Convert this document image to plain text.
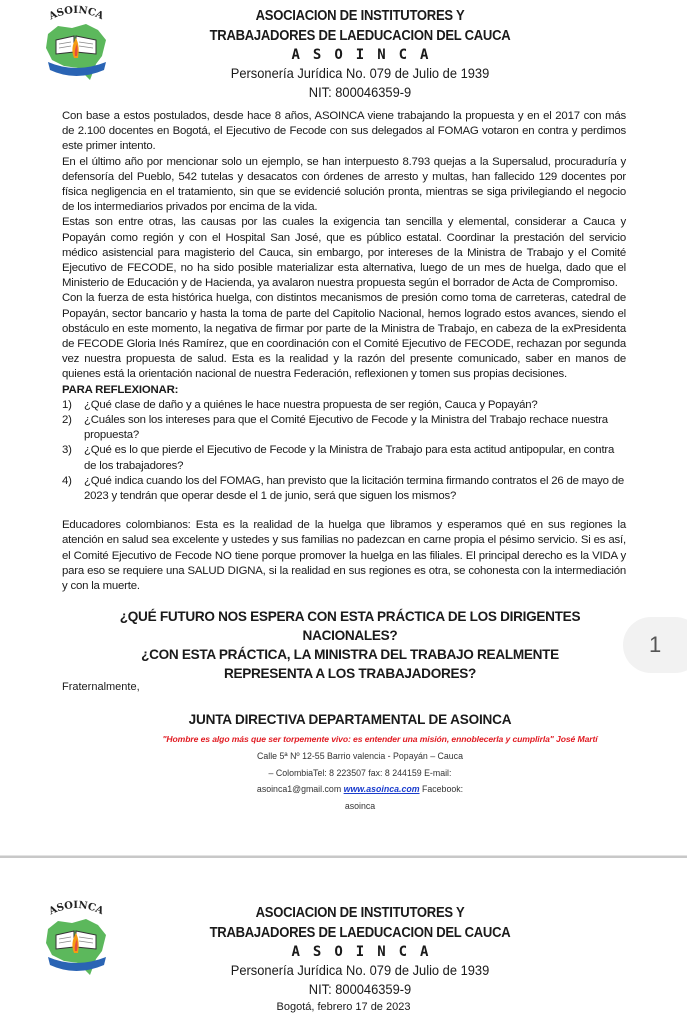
ASOINCA	ASOCIACION DE INSTITUTORES Y
TRABAJADORES DE LAEDUCACION DEL CAUCA
ASOINCA
Personería Jurídica No. 079 de Julio de 1939
NIT: 800046359-9

Con base a estos postulados, desde hace 8 años, ASOINCA viene trabajando la propuesta y en el 2017 con más de 2.100 docentes en Bogotá, el Ejecutivo de Fecode con sus delegados al FOMAG votaron en contra y perdimos este primer intento.

En el último año por mencionar solo un ejemplo, se han interpuesto 8.793 quejas a la Supersalud, procuraduría y defensoría del Pueblo, 542 tutelas y desacatos con órdenes de arresto y multas, han fallecido 129 docentes por física negligencia en el tratamiento, sin que se evidencié solución pronta, mientras se siga privilegiando el negocio de los intermediarios privados por encima de la vida.

Estas son entre otras, las causas por las cuales la exigencia tan sencilla y elemental, considerar a Cauca y Popayán como región y con el Hospital San José, que es público estatal. Coordinar la prestación del servicio médico asistencial para magisterio del Cauca, sin embargo, por intereses de la Ministra de Trabajo y el Comité Ejecutivo de FECODE, no ha sido posible materializar esta alternativa, luego de un mes de huelga, dado que el Ministerio de Educación y de Hacienda, ya avalaron nuestra propuesta según el borrador de Acta de Compromiso.

Con la fuerza de esta histórica huelga, con distintos mecanismos de presión como toma de carreteras, catedral de Popayán, sector bancario y hasta la toma de parte del Capitolio Nacional, hemos logrado estos avances, siendo el obstáculo en este momento, la negativa de firmar por parte de la Ministra de Trabajo, en cabeza de la exPresidenta de FECODE Gloria Inés Ramírez, que en coordinación con el Comité Ejecutivo de FECODE, rechazan por segunda vez nuestra propuesta de salud. Esta es la realidad y la razón del presente comunicado, saber en manos de quienes está la orientación nacional de nuestra Federación, reflexionen y tomen sus propias decisiones.

PARA REFLEXIONAR:

1)	¿Qué clase de daño y a quiénes le hace nuestra propuesta de ser región, Cauca y Popayán?
2)	¿Cuáles son los intereses para que el Comité Ejecutivo de Fecode y la Ministra del Trabajo rechace nuestra propuesta?
3)	¿Qué es lo que pierde el Ejecutivo de Fecode y la Ministra de Trabajo para esta actitud antipopular, en contra de los trabajadores?
4)	¿Qué indica cuando los del FOMAG, han previsto que la licitación termina firmando contratos el 26 de mayo de 2023 y tendrán que operar desde el 1 de junio, será que siguen los mismos?

Educadores colombianos: Esta es la realidad de la huelga que libramos y esperamos qué en sus regiones la atención en salud sea excelente y ustedes y sus familias no padezcan en carne propia el pésimo servicio. Si es así, el Comité Ejecutivo de Fecode NO tiene porque promover la huelga en las filiales. El principal derecho es la VIDA y para eso se requiere una SALUD DIGNA, si la realidad en sus regiones es otra, se cohonesta con la intermediación y con la muerte.

¿QUÉ FUTURO NOS ESPERA CON ESTA PRÁCTICA DE LOS DIRIGENTES NACIONALES?
¿CON ESTA PRÁCTICA, LA MINISTRA DEL TRABAJO REALMENTE REPRESENTA A LOS TRABAJADORES?
Fraternalmente,
JUNTA DIRECTIVA DEPARTAMENTAL DE ASOINCA
"Hombre es algo más que ser torpemente vivo: es entender una misión, ennoblecerla y cumplirla" José Martí
Calle 5ª Nº 12-55 Barrio valencia - Popayán – Cauca
– ColombiaTel: 8 223507 fax: 8 244159 E-mail:
asoinca1@gmail.com www.asoinca.com Facebook:
asoinca
1
ASOINCA	ASOCIACION DE INSTITUTORES Y
TRABAJADORES DE LAEDUCACION DEL CAUCA
ASOINCA
Personería Jurídica No. 079 de Julio de 1939
NIT: 800046359-9
Bogotá, febrero 17 de 2023
